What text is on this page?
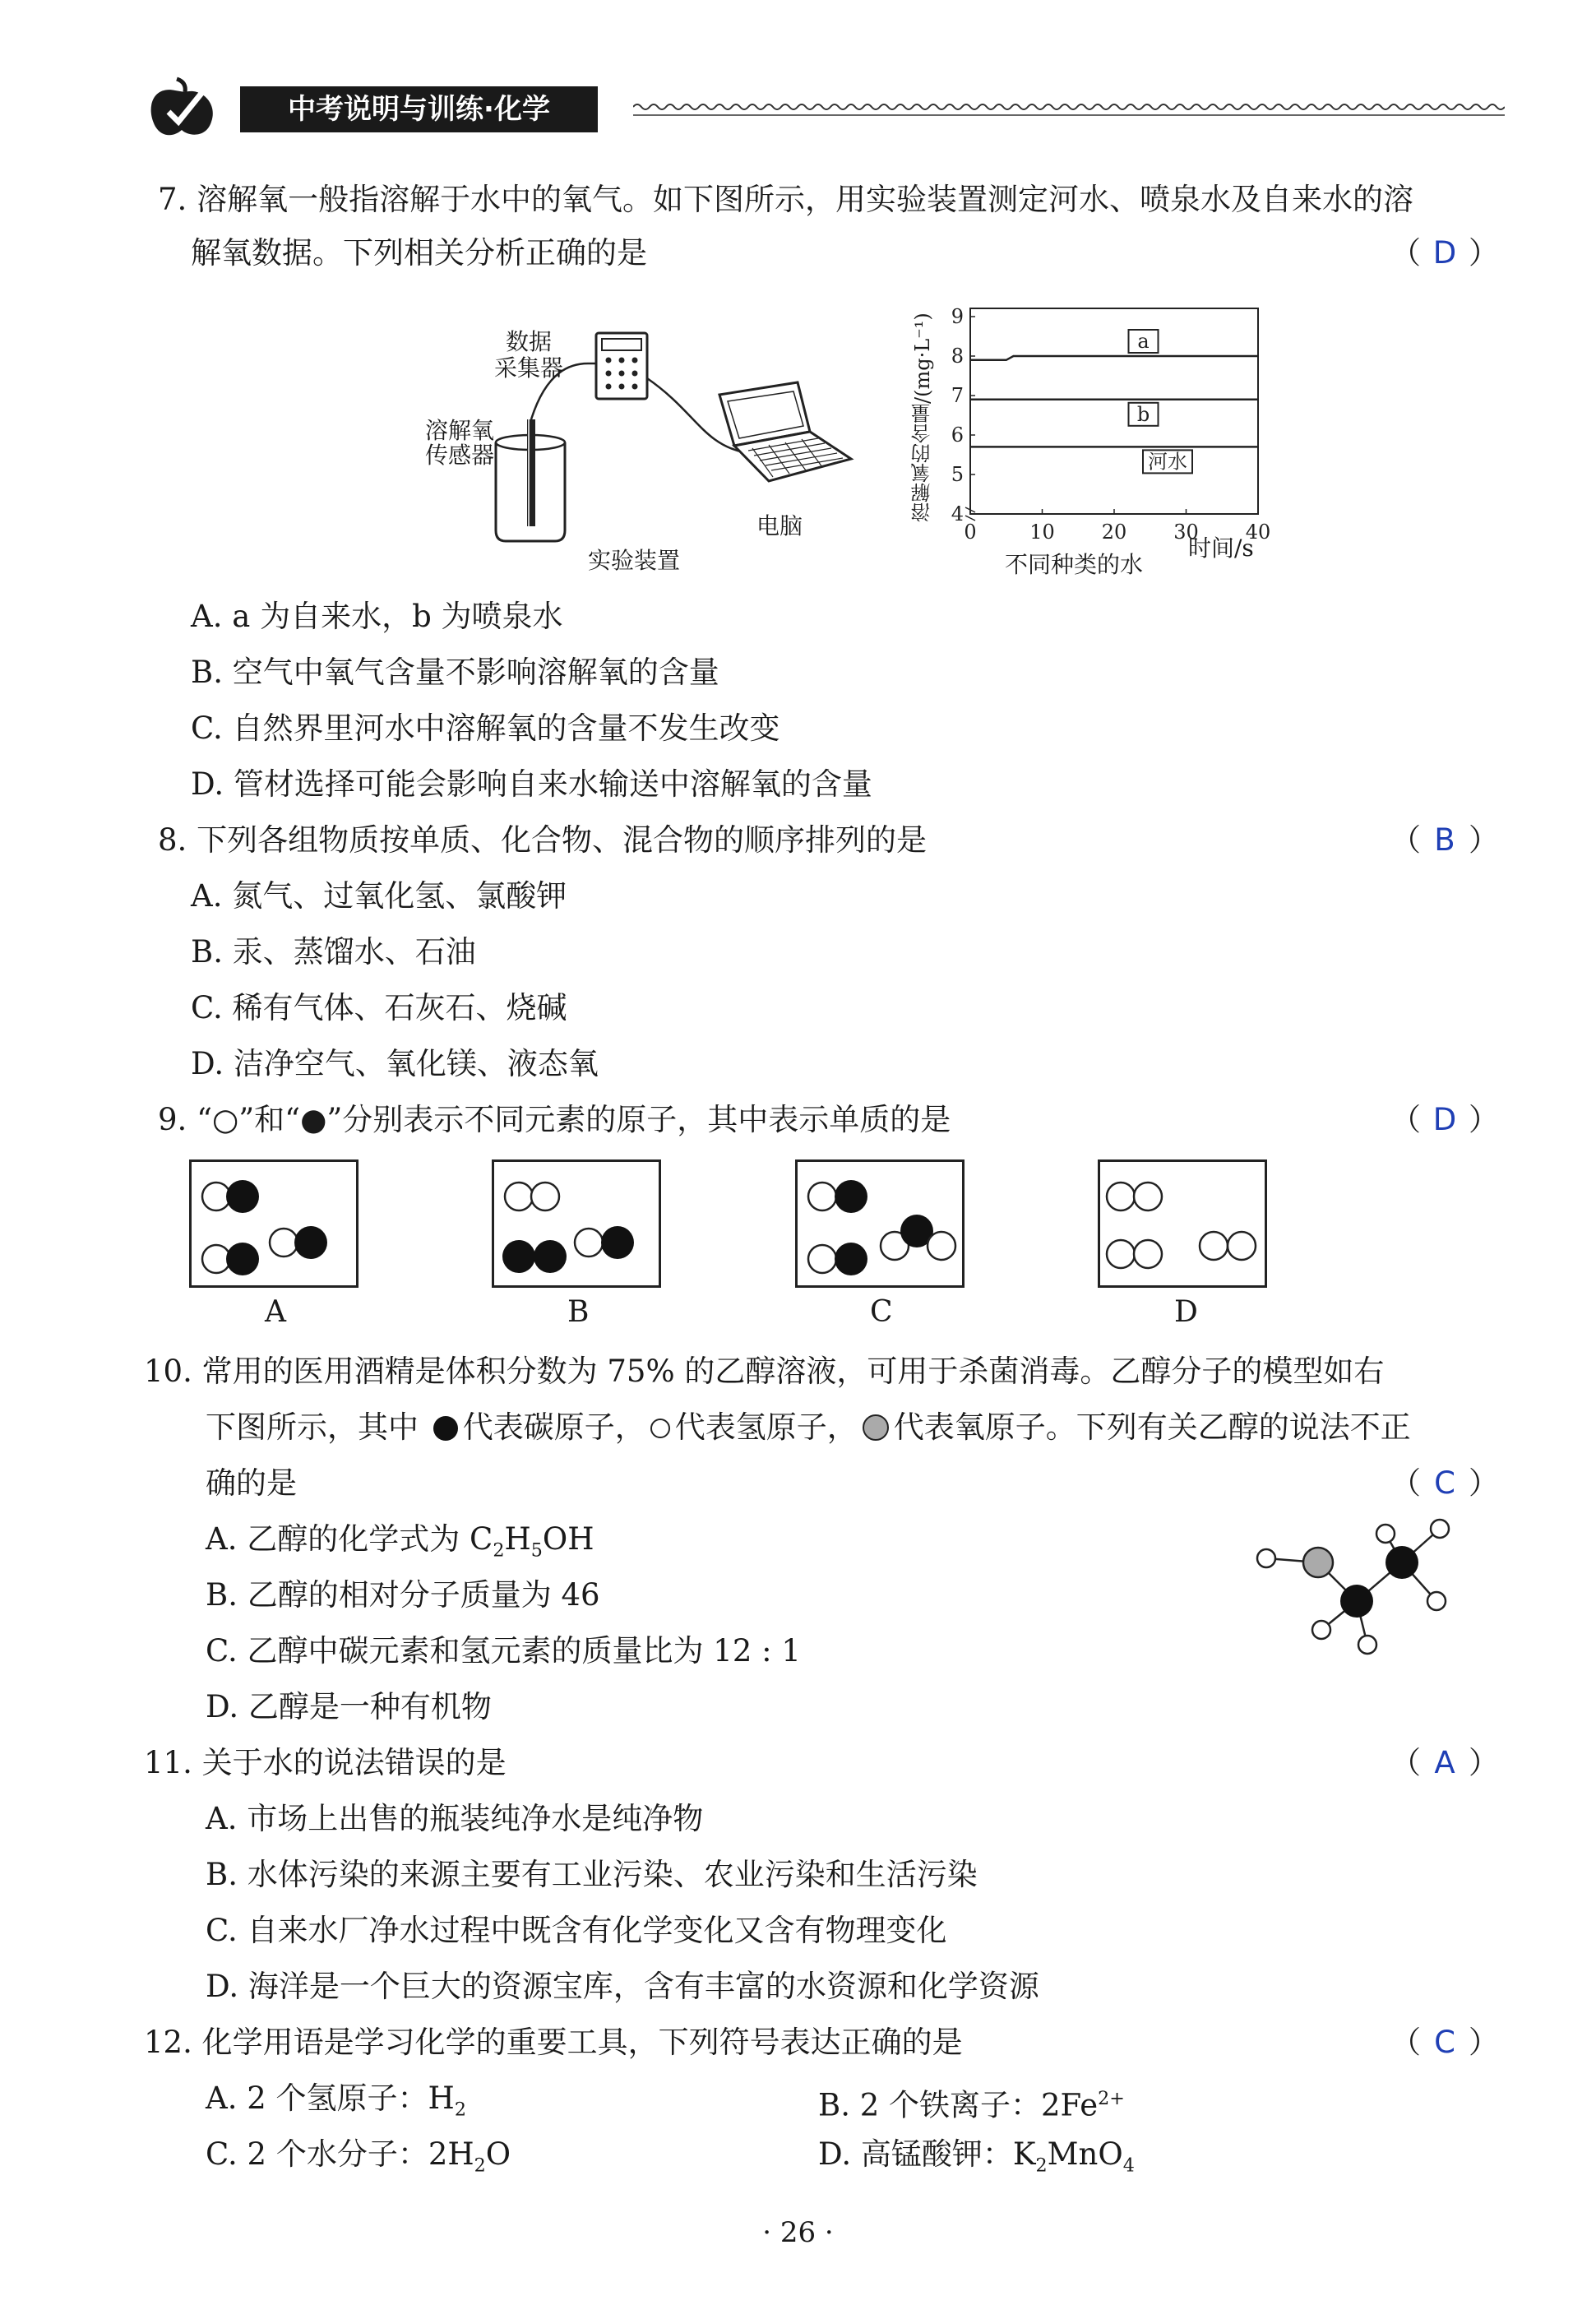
中考说明与训练·化学
7. 溶解氧一般指溶解于水中的氧气。如下图所示，用实验装置测定河水、喷泉水及自来水的溶
解氧数据。下列相关分析正确的是	（ D ）
数据
采集器
溶解氧
传感器
电脑
实验装置
4
5
6
7
8
9
0	10 20 30 40
a
b
河水
溶解氧的含量/(mg·L⁻¹)
不同种类的水
时间/s
A. a 为自来水，b 为喷泉水
B. 空气中氧气含量不影响溶解氧的含量
C. 自然界里河水中溶解氧的含量不发生改变
D. 管材选择可能会影响自来水输送中溶解氧的含量
8. 下列各组物质按单质、化合物、混合物的顺序排列的是	（ B ）
A. 氮气、过氧化氢、氯酸钾
B. 汞、蒸馏水、石油
C. 稀有气体、石灰石、烧碱
D. 洁净空气、氧化镁、液态氧
9. “○”和“●”分别表示不同元素的原子，其中表示单质的是	（ D ）
A	B	C	D
10. 常用的医用酒精是体积分数为 75% 的乙醇溶液，可用于杀菌消毒。乙醇分子的模型如右
下图所示，其中 代表碳原子， 代表氢原子， 代表氧原子。下列有关乙醇的说法不正
确的是	（ C ）
A. 乙醇的化学式为 $C_2H_5OH$
B. 乙醇的相对分子质量为 46
C. 乙醇中碳元素和氢元素的质量比为 12 : 1
D. 乙醇是一种有机物
11. 关于水的说法错误的是	（ A ）
A. 市场上出售的瓶装纯净水是纯净物
B. 水体污染的来源主要有工业污染、农业污染和生活污染
C. 自来水厂净水过程中既含有化学变化又含有物理变化
D. 海洋是一个巨大的资源宝库，含有丰富的水资源和化学资源
12. 化学用语是学习化学的重要工具，下列符号表达正确的是	（ C ）
A. 2 个氢原子：$H_2$	B. 2 个铁离子：$2Fe^{2+}$
C. 2 个水分子：$2H_2O$	D. 高锰酸钾：$K_2MnO_4$
· 26 ·
